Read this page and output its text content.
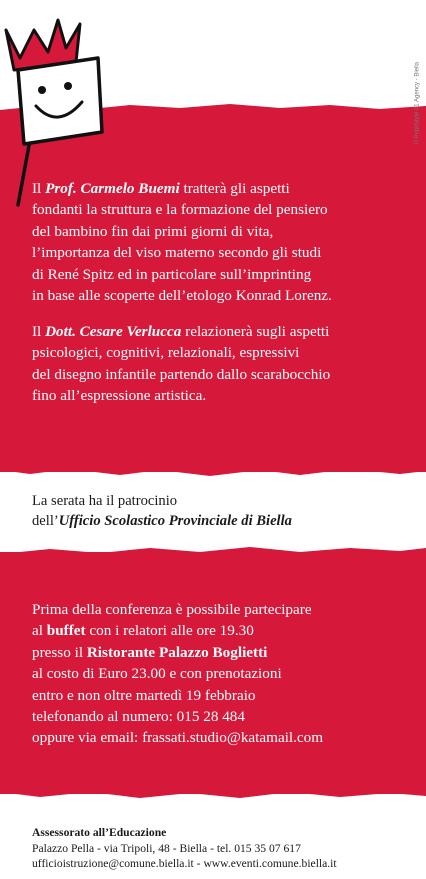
© PubliStyle 01 Agency - Biella

Il Prof. Carmelo Buemi tratterà gli aspetti

fondanti la struttura e la formazione del pensiero

del bambino fin dai primi giorni di vita,

l’importanza del viso materno secondo gli studi

di René Spitz ed in particolare sull’imprinting

in base alle scoperte dell’etologo Konrad Lorenz.

Il Dott. Cesare Verlucca relazionerà sugli aspetti

psicologici, cognitivi, relazionali, espressivi

del disegno infantile partendo dallo scarabocchio

fino all’espressione artistica.

La serata ha il patrocinio

dell’Ufficio Scolastico Provinciale di Biella

Prima della conferenza è possibile partecipare

al buffet con i relatori alle ore 19.30

presso il Ristorante Palazzo Boglietti

al costo di Euro 23.00 e con prenotazioni

entro e non oltre martedì 19 febbraio

telefonando al numero: 015 28 484

oppure via email: frassati.studio@katamail.com

Assessorato all’Educazione

Palazzo Pella - via Tripoli, 48 - Biella - tel. 015 35 07 617

ufficioistruzione@comune.biella.it - www.eventi.comune.biella.it
